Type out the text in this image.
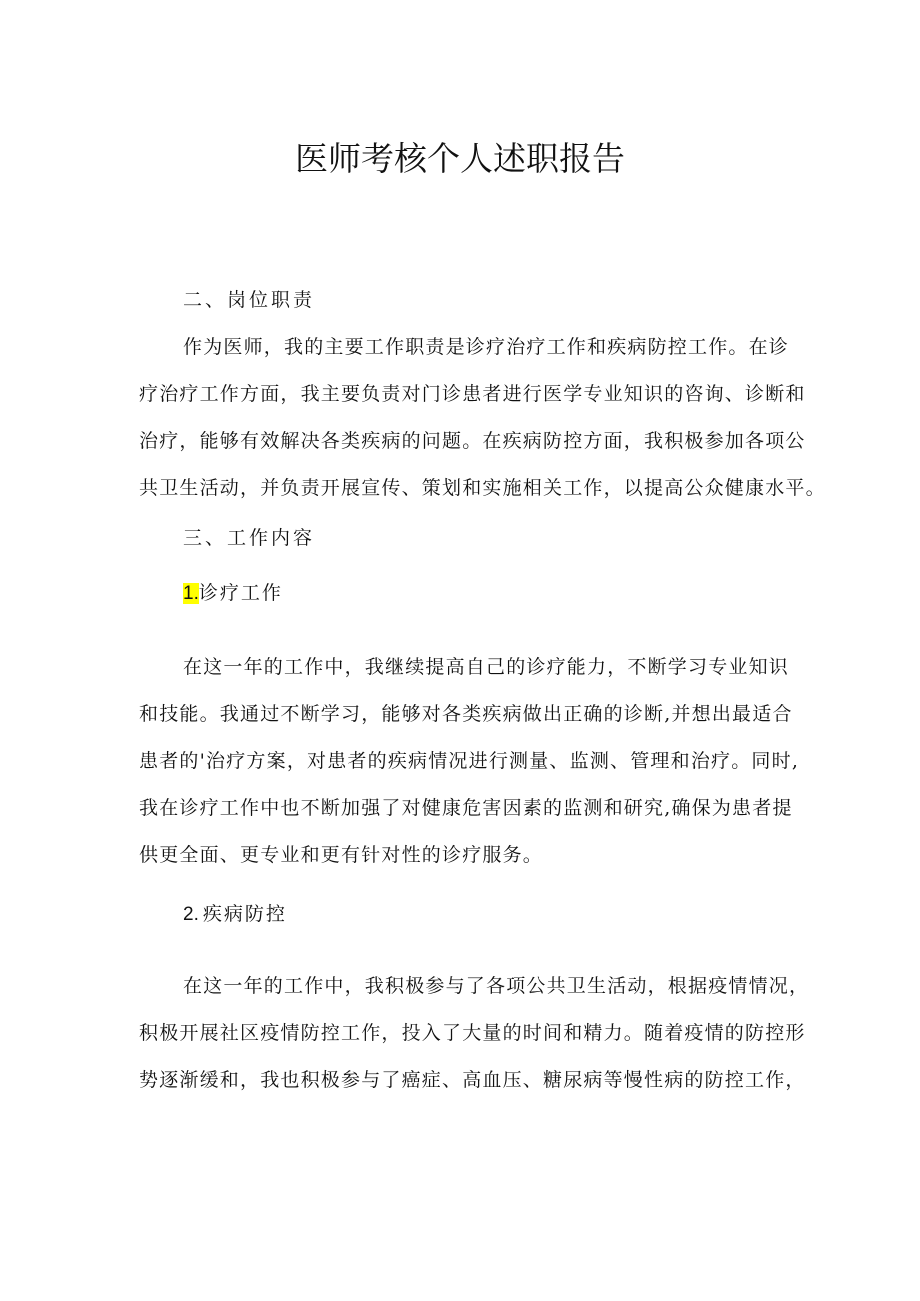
医师考核个人述职报告
二、岗位职责
作为医师，我的主要工作职责是诊疗治疗工作和疾病防控工作。在诊
疗治疗工作方面，我主要负责对门诊患者进行医学专业知识的咨询、诊断和
治疗，能够有效解决各类疾病的问题。在疾病防控方面，我积极参加各项公
共卫生活动，并负责开展宣传、策划和实施相关工作，以提高公众健康水平。
三、工作内容
1.诊疗工作
在这一年的工作中，我继续提高自己的诊疗能力，不断学习专业知识
和技能。我通过不断学习，能够对各类疾病做出正确的诊断,并想出最适合
患者的'治疗方案，对患者的疾病情况进行测量、监测、管理和治疗。同时,
我在诊疗工作中也不断加强了对健康危害因素的监测和研究,确保为患者提
供更全面、更专业和更有针对性的诊疗服务。
2. 疾病防控
在这一年的工作中，我积极参与了各项公共卫生活动，根据疫情情况，
积极开展社区疫情防控工作，投入了大量的时间和精力。随着疫情的防控形
势逐渐缓和，我也积极参与了癌症、高血压、糖尿病等慢性病的防控工作，
